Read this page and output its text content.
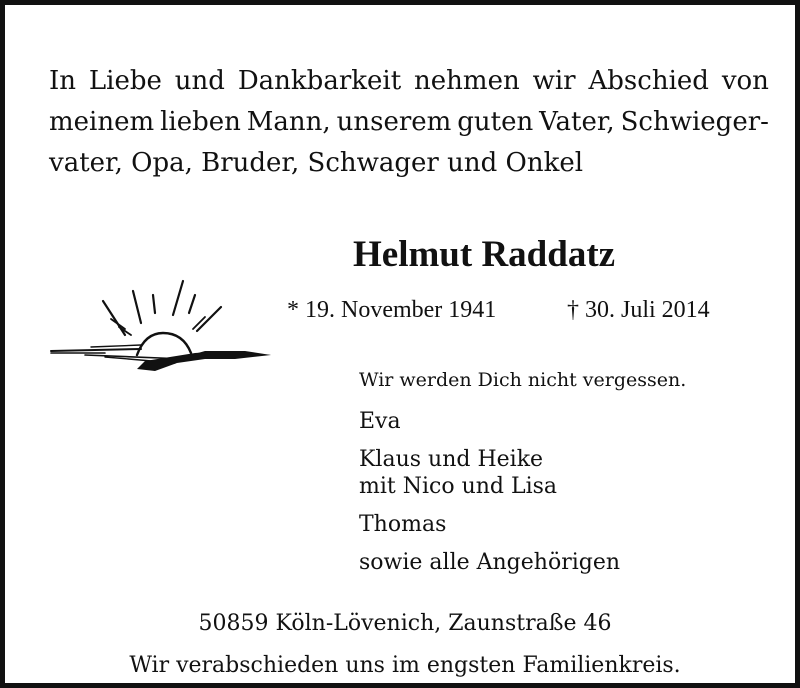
In Liebe und Dankbarkeit nehmen wir Abschied von
meinem lieben Mann, unserem guten Vater, Schwieger-
vater, Opa, Bruder, Schwager und Onkel

Helmut Raddatz
* 19. November 1941	† 30. Juli 2014
Wir werden Dich nicht vergessen.
Eva
Klaus und Heike
mit Nico und Lisa
Thomas
sowie alle Angehörigen
50859 Köln-Lövenich, Zaunstraße 46
Wir verabschieden uns im engsten Familienkreis.
